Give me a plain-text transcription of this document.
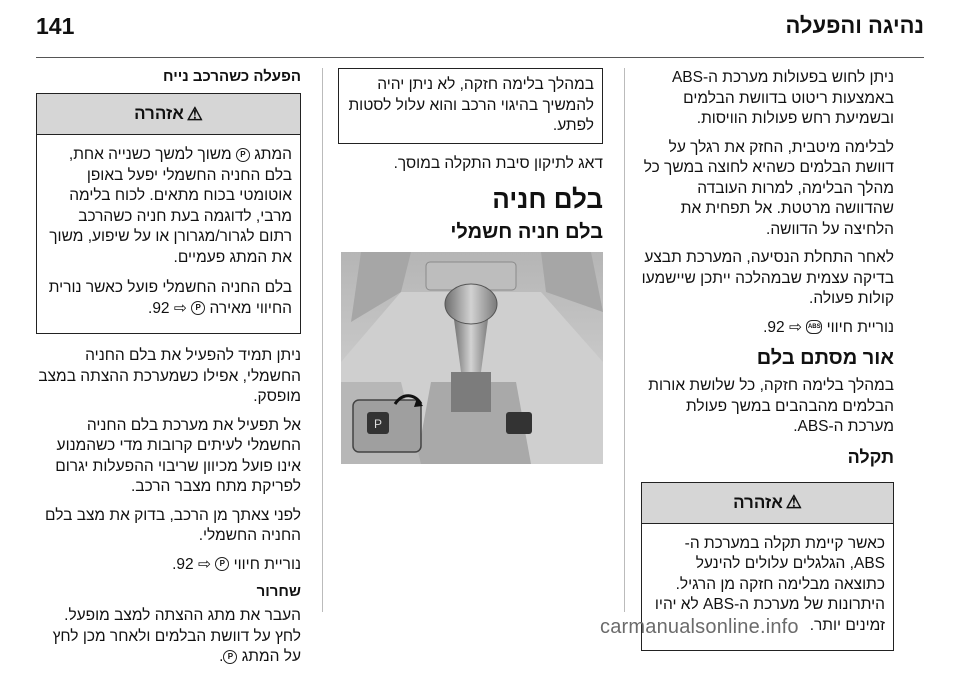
141	נהיגה והפעלה

ניתן לחוש בפעולות מערכת ה-ABS באמצעות ריטוט בדוושת הבלמים ובשמיעת רחש פעולות הוויסות.

לבלימה מיטבית, החזק את רגלך על דוושת הבלמים כשהיא לחוצה במשך כל מהלך הבלימה, למרות העובדה שהדוושה מרטטת. אל תפחית את הלחיצה על הדוושה.

לאחר התחלת הנסיעה, המערכת תבצע בדיקה עצמית שבמהלכה ייתכן שיישמעו קולות פעולה.

נוריית חיווי ABS ⇨ 92.

אור מסתם בלם

במהלך בלימה חזקה, כל שלושת אורות הבלמים מהבהבים במשך פעולת מערכת ה-ABS.

תקלה
⚠
אזהרה

כאשר קיימת תקלה במערכת ה-ABS, הגלגלים עלולים להינעל כתוצאה מבלימה חזקה מן הרגיל. היתרונות של מערכת ה-ABS לא יהיו זמינים יותר.

במהלך בלימה חזקה, לא ניתן יהיה להמשיך בהיגוי הרכב והוא עלול לסטות לפתע.

דאג לתיקון סיבת התקלה במוסך.

בלם חניה
בלם חניה חשמלי
P
הפעלה כשהרכב נייח
⚠
אזהרה

המתג P משוך למשך כשנייה אחת, בלם החניה החשמלי יפעל באופן אוטומטי בכוח מתאים. לכוח בלימה מרבי, לדוגמה בעת חניה כשהרכב רתום לגרור/מגרורן או על שיפוע, משוך את המתג פעמיים.

בלם החניה החשמלי פועל כאשר נורית החיווי מאירה P ⇨ 92.

ניתן תמיד להפעיל את בלם החניה החשמלי, אפילו כשמערכת ההצתה במצב מופסק.

אל תפעיל את מערכת בלם החניה החשמלי לעיתים קרובות מדי כשהמנוע אינו פועל מכיוון שריבוי ההפעלות יגרום לפריקת מתח מצבר הרכב.

לפני צאתך מן הרכב, בדוק את מצב בלם החניה החשמלי.

נוריית חיווי P ⇨ 92.

שחרור

העבר את מתג ההצתה למצב מופעל. לחץ על דוושת הבלמים ולאחר מכן לחץ על המתג P.

carmanualsonline.info
